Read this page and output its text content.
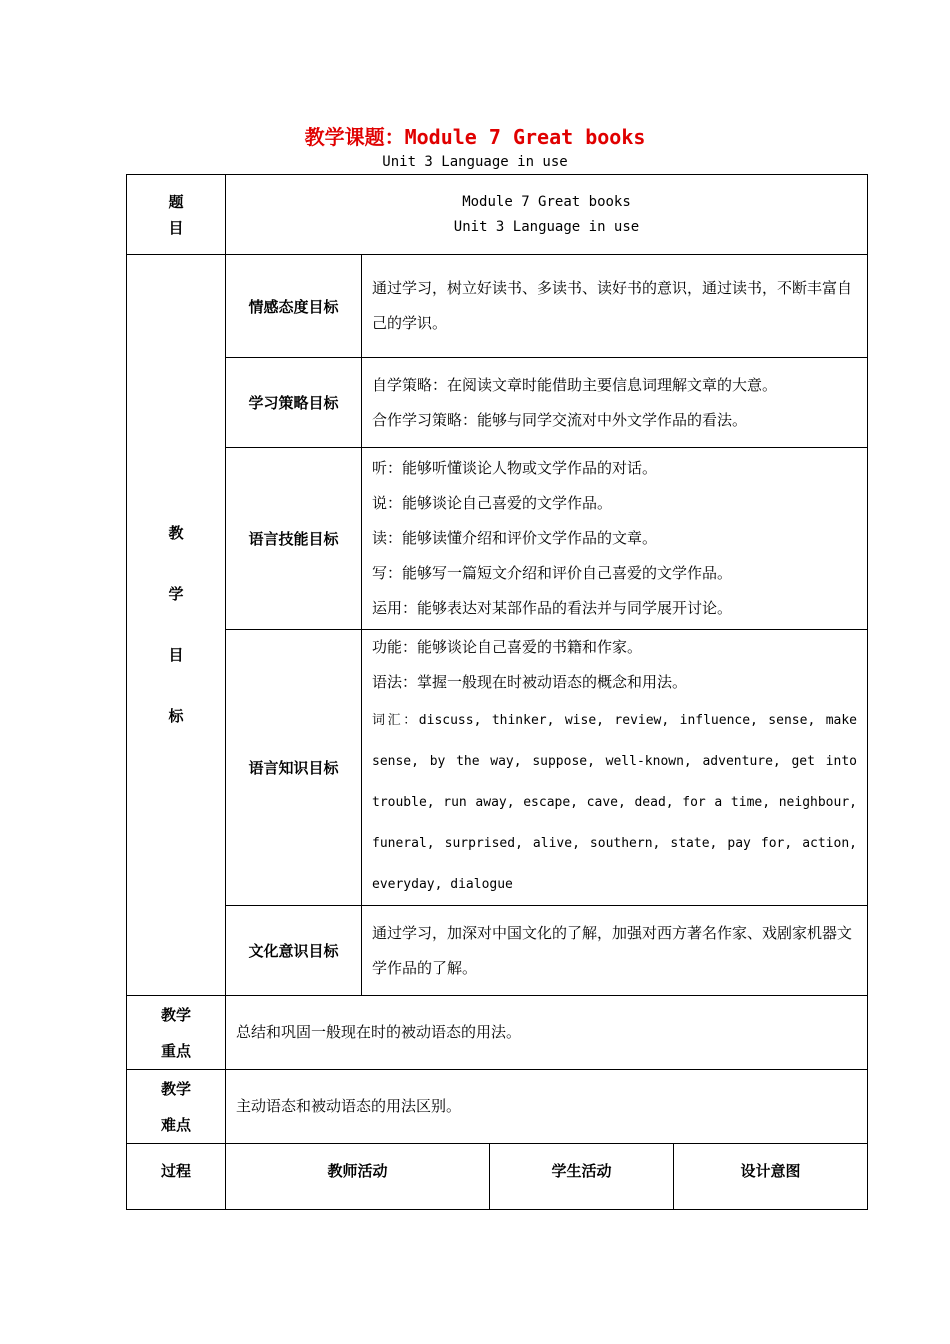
教学课题：Module 7 Great books
Unit 3 Language in use
题
目	Module 7 Great books
Unit 3 Language in use			

教
学
目
标	情感态度目标	通过学习，树立好读书、多读书、读好书的意识，通过读书，不断丰富自己的学识。		

	学习策略目标	自学策略：在阅读文章时能借助主要信息词理解文章的大意。

合作学习策略：能够与同学交流对中外文学作品的看法。		

	语言技能目标	听：能够听懂谈论人物或文学作品的对话。

说：能够谈论自己喜爱的文学作品。

读：能够读懂介绍和评价文学作品的文章。

写：能够写一篇短文介绍和评价自己喜爱的文学作品。

运用：能够表达对某部作品的看法并与同学展开讨论。		

	语言知识目标	功能：能够谈论自己喜爱的书籍和作家。

语法：掌握一般现在时被动语态的概念和用法。

词汇：discuss, thinker, wise, review, influence, sense, make sense, by the way, suppose, well-known, adventure, get into trouble, run away, escape, cave, dead, for a time, neighbour, funeral, surprised, alive, southern, state, pay for, action, everyday, dialogue		

	文化意识目标	通过学习，加深对中国文化的了解，加强对西方著名作家、戏剧家机器文学作品的了解。		

教学
重点	总结和巩固一般现在时的被动语态的用法。			

教学
难点	主动语态和被动语态的用法区别。			

过程	教师活动		学生活动	设计意图
